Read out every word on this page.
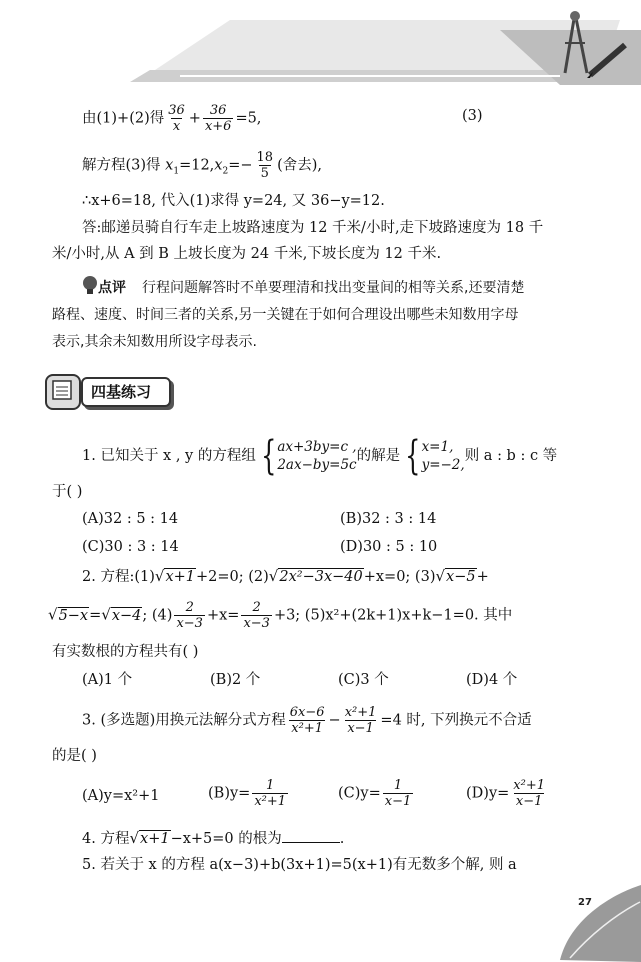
由(1)+(2)得 $\frac{36}{x} + \frac{36}{x+6} =5$,	(3)
解方程(3)得 $x_1=12,x_2=- \frac{18}{5}$ (舍去),
∴x+6=18, 代入(1)求得 y=24, 又 36−y=12.
答:邮递员骑自行车走上坡路速度为 12 千米/小时,走下坡路速度为 18 千
米/小时,从 A 到 B 上坡长度为 24 千米,下坡长度为 12 千米.
点评 行程问题解答时不单要理清和找出变量间的相等关系,还要清楚
路程、速度、时间三者的关系,另一关键在于如何合理设出哪些未知数用字母
表示,其余未知数用所设字母表示.
四基练习
1. 已知关于 x , y 的方程组 { ax+3by=c ,
2ax−by=5c
的解是 { x=1,
y=−2,
则 a : b : c 等
于( )
(A)32 : 5 : 14	(B)32 : 3 : 14
(C)30 : 3 : 14	(D)30 : 5 : 10
2. 方程:(1)√x+1+2=0; (2)√2x²−3x−40+x=0; (3)√x−5+
√5−x=√x−4; $(4) \frac{2}{x-3} +x= \frac{2}{x-3} +3$; (5)x²+(2k+1)x+k−1=0. 其中
有实数根的方程共有( )
(A)1 个	(B)2 个	(C)3 个	(D)4 个
3. (多选题)用换元法解分式方程 $\frac{6x-6}{\text{x²+1}} - \frac{\text{x²+1}}{x-1} =4$ 时, 下列换元不合适
的是( )
(A)y=x²+1	$(B)y= \frac{1}{\text{x²+1}}$	$(C)y= \frac{1}{x-1}$	$(D)y= \frac{\text{x²+1}}{x-1}$
4. 方程√x+1−x+5=0 的根为	.
5. 若关于 x 的方程 a(x−3)+b(3x+1)=5(x+1)有无数多个解, 则 a
27
